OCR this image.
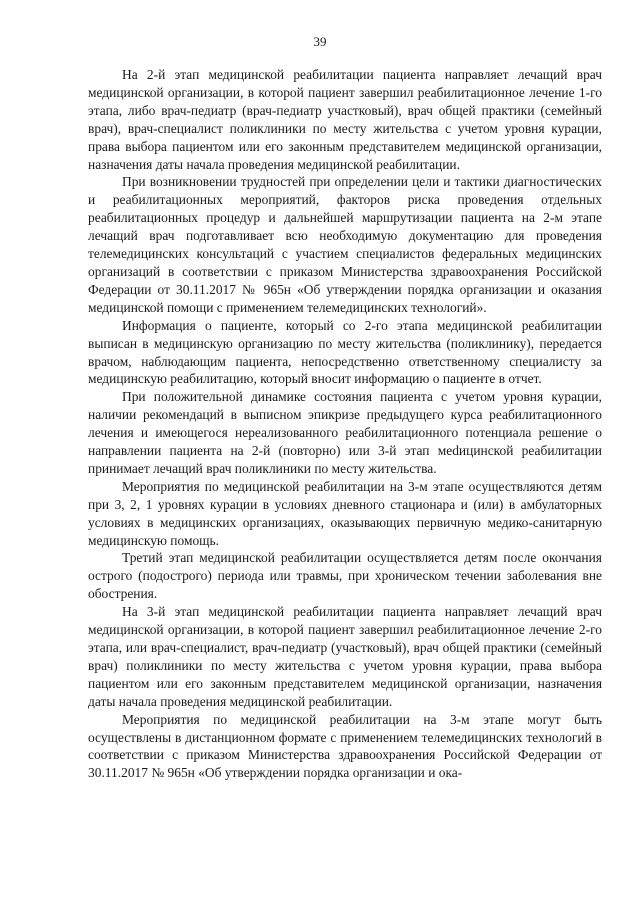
39

На 2-й этап медицинской реабилитации пациента направляет лечащий врач медицинской организации, в которой пациент завершил реабилитационное лечение 1-го этапа, либо врач-педиатр (врач-педиатр участковый), врач общей практики (семейный врач), врач-специалист поликлиники по месту жительства с учетом уровня курации, права выбора пациентом или его законным представителем медицинской организации, назначения даты начала проведения медицинской реабилитации.

При возникновении трудностей при определении цели и тактики диагностических и реабилитационных мероприятий, факторов риска проведения отдельных реабилитационных процедур и дальнейшей маршрутизации пациента на 2-м этапе лечащий врач подготавливает всю необходимую документацию для проведения телемедицинских консультаций с участием специалистов федеральных медицинских организаций в соответствии с приказом Министерства здравоохранения Российской Федерации от 30.11.2017 № 965н «Об утверждении порядка организации и оказания медицинской помощи с применением телемедицинских технологий».

Информация о пациенте, который со 2-го этапа медицинской реабилитации выписан в медицинскую организацию по месту жительства (поликлинику), передается врачом, наблюдающим пациента, непосредственно ответственному специалисту за медицинскую реабилитацию, который вносит информацию о пациенте в отчет.

При положительной динамике состояния пациента с учетом уровня курации, наличии рекомендаций в выписном эпикризе предыдущего курса реабилитационного лечения и имеющегося нереализованного реабилитационного потенциала решение о направлении пациента на 2-й (повторно) или 3-й этап меdицинской реабилитации принимает лечащий врач поликлиники по месту жительства.

Мероприятия по медицинской реабилитации на 3-м этапе осуществляются детям при 3, 2, 1 уровнях курации в условиях дневного стационара и (или) в амбулаторных условиях в медицинских организациях, оказывающих первичную медико-санитарную медицинскую помощь.

Третий этап медицинской реабилитации осуществляется детям после окончания острого (подострого) периода или травмы, при хроническом течении заболевания вне обострения.

На 3-й этап медицинской реабилитации пациента направляет лечащий врач медицинской организации, в которой пациент завершил реабилитационное лечение 2-го этапа, или врач-специалист, врач-педиатр (участковый), врач общей практики (семейный врач) поликлиники по месту жительства с учетом уровня курации, права выбора пациентом или его законным представителем медицинской организации, назначения даты начала проведения медицинской реабилитации.

Мероприятия по медицинской реабилитации на 3-м этапе могут быть осуществлены в дистанционном формате с применением телемедицинских технологий в соответствии с приказом Министерства здравоохранения Российской Федерации от 30.11.2017 № 965н «Об утверждении порядка организации и ока-
